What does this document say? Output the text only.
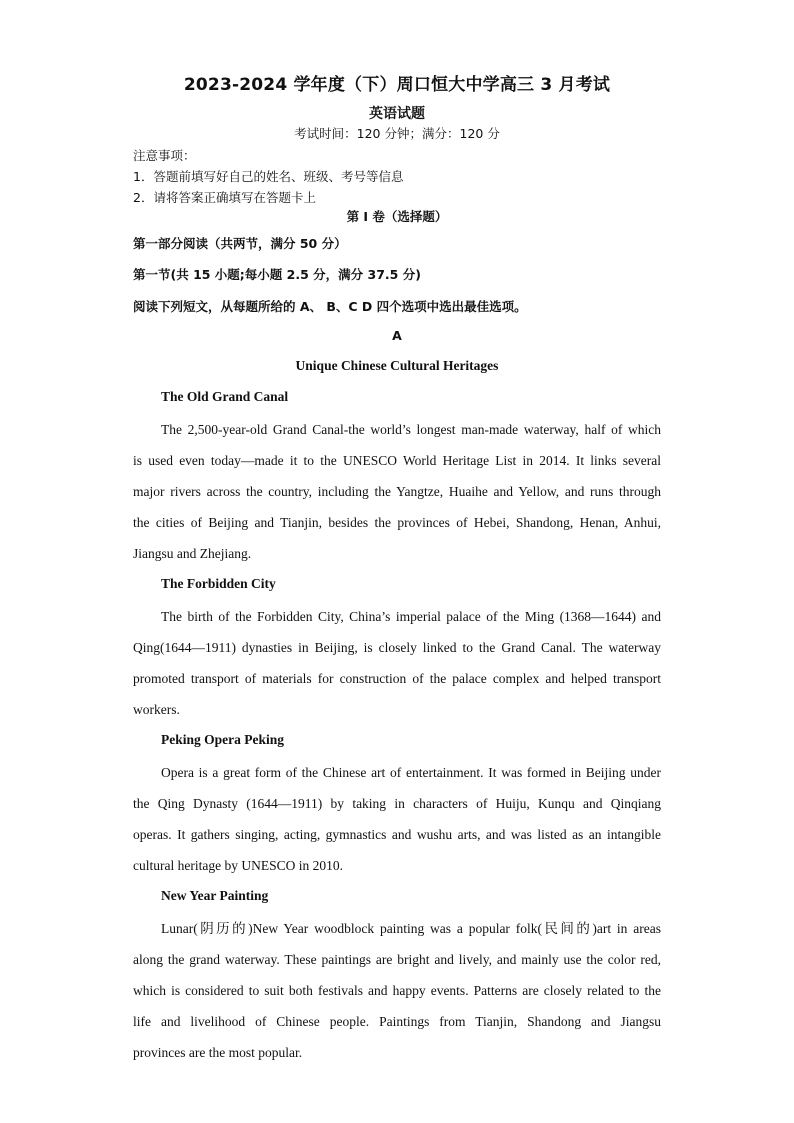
2023-2024 学年度（下）周口恒大中学高三 3 月考试
英语试题
考试时间：120 分钟；满分：120 分
注意事项：
1．答题前填写好自己的姓名、班级、考号等信息
2．请将答案正确填写在答题卡上
第 I 卷（选择题）
第一部分阅读（共两节，满分 50 分）
第一节(共 15 小题;每小题 2.5 分，满分 37.5 分)
阅读下列短文，从每题所给的 A、 B、C D 四个选项中选出最佳选项。
A
Unique Chinese Cultural Heritages
The Old Grand Canal
The 2,500-year-old Grand Canal-the world’s longest man-made waterway, half of which
is used even today—made it to the UNESCO World Heritage List in 2014. It links several
major rivers across the country, including the Yangtze, Huaihe and Yellow, and runs through
the cities of Beijing and Tianjin, besides the provinces of Hebei, Shandong, Henan, Anhui,
Jiangsu and Zhejiang.
The Forbidden City
The birth of the Forbidden City, China’s imperial palace of the Ming (1368—1644) and
Qing(1644—1911) dynasties in Beijing, is closely linked to the Grand Canal. The waterway
promoted transport of materials for construction of the palace complex and helped transport
workers.
Peking Opera Peking
Opera is a great form of the Chinese art of entertainment. It was formed in Beijing under
the Qing Dynasty (1644—1911) by taking in characters of Huiju, Kunqu and Qinqiang
operas. It gathers singing, acting, gymnastics and wushu arts, and was listed as an intangible
cultural heritage by UNESCO in 2010.
New Year Painting
Lunar(阴历的)New Year woodblock painting was a popular folk(民间的)art in areas
along the grand waterway. These paintings are bright and lively, and mainly use the color red,
which is considered to suit both festivals and happy events. Patterns are closely related to the
life and livelihood of Chinese people. Paintings from Tianjin, Shandong and Jiangsu
provinces are the most popular.
